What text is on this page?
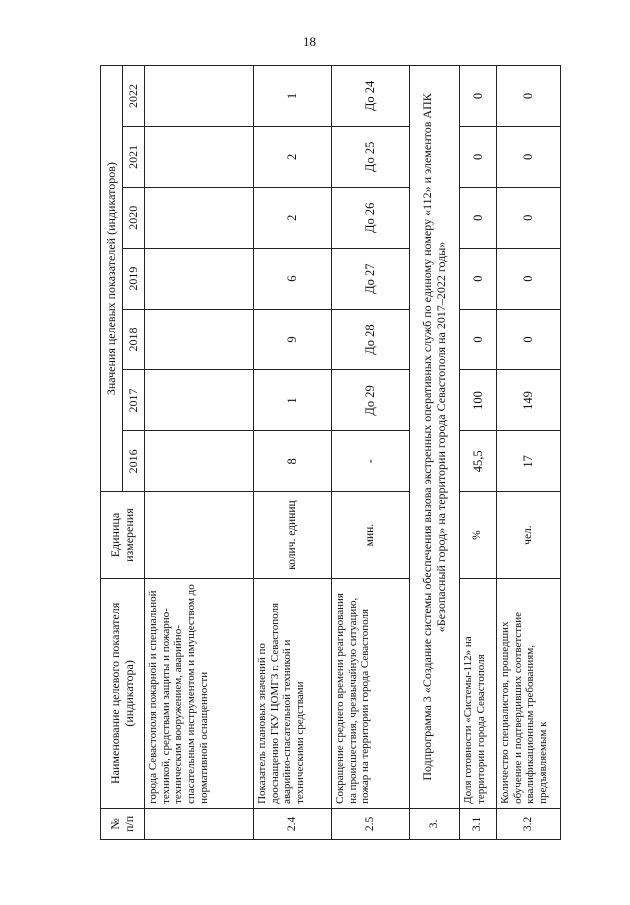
18
№ п/п	Наименование целевого показателя (индикатора)	Единица измерения	Значения целевых показателей (индикаторов)						
			2016	2017	2018	2019	2020	2021	2022
	города Севастополя пожарной и специальной техникой, средствами защиты и пожарно-техническим вооружением, аварийно-спасательным инструментом и имуществом до нормативной оснащенности								
2.4	Показатель плановых значений по дооснащению ГКУ ЦОМГЗ г. Севастополя аварийно-спасательной техникой и техническими средствами	колич. единиц	8	1	9	6	2	2	1
2.5	Сокращение среднего времени реагирования на происшествия, чрезвычайную ситуацию, пожар на территории города Севастополя	мин.	-	До 29	До 28	До 27	До 26	До 25	До 24
3.	Подпрограмма 3 «Создание системы обеспечения вызова экстренных оперативных служб по единому номеру «112» и элементов АПК «Безопасный город» на территории города Севастополя на 2017–2022 годы»								
3.1	Доля готовности «Системы-112» на территории города Севастополя	%	45,5	100	0	0	0	0	0
3.2	Количество специалистов, прошедших обучение и подтвердивших соответствие квалификационным требованиям, предъявляемым к	чел.	17	149	0	0	0	0	0
